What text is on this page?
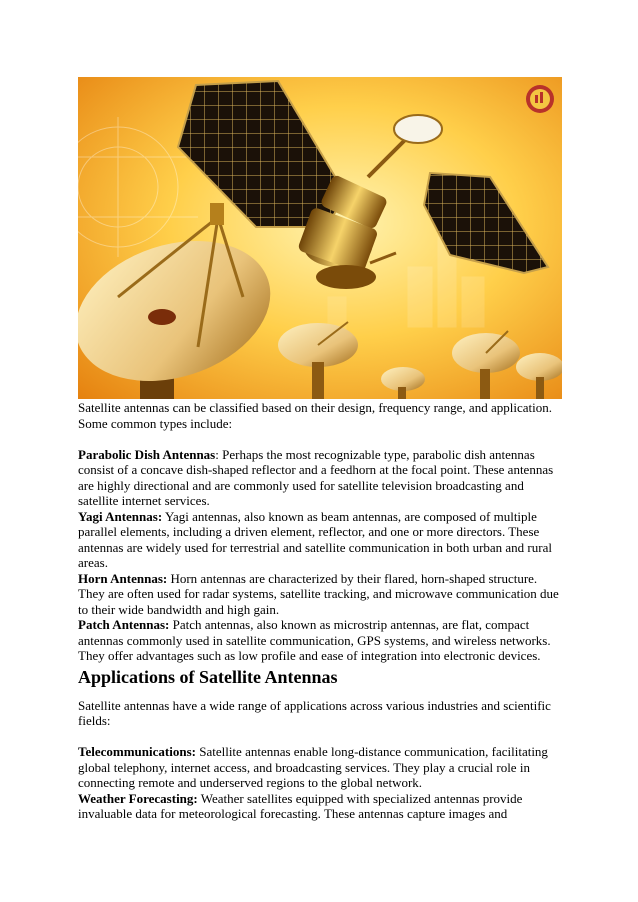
Satellite antennas can be classified based on their design, frequency range, and application. Some common types include:

Parabolic Dish Antennas: Perhaps the most recognizable type, parabolic dish antennas consist of a concave dish-shaped reflector and a feedhorn at the focal point. These antennas are highly directional and are commonly used for satellite television broadcasting and satellite internet services.

Yagi Antennas: Yagi antennas, also known as beam antennas, are composed of multiple parallel elements, including a driven element, reflector, and one or more directors. These antennas are widely used for terrestrial and satellite communication in both urban and rural areas.

Horn Antennas: Horn antennas are characterized by their flared, horn-shaped structure. They are often used for radar systems, satellite tracking, and microwave communication due to their wide bandwidth and high gain.

Patch Antennas: Patch antennas, also known as microstrip antennas, are flat, compact antennas commonly used in satellite communication, GPS systems, and wireless networks. They offer advantages such as low profile and ease of integration into electronic devices.

Applications of Satellite Antennas

Satellite antennas have a wide range of applications across various industries and scientific fields:

Telecommunications: Satellite antennas enable long-distance communication, facilitating global telephony, internet access, and broadcasting services. They play a crucial role in connecting remote and underserved regions to the global network.

Weather Forecasting: Weather satellites equipped with specialized antennas provide invaluable data for meteorological forecasting. These antennas capture images and
